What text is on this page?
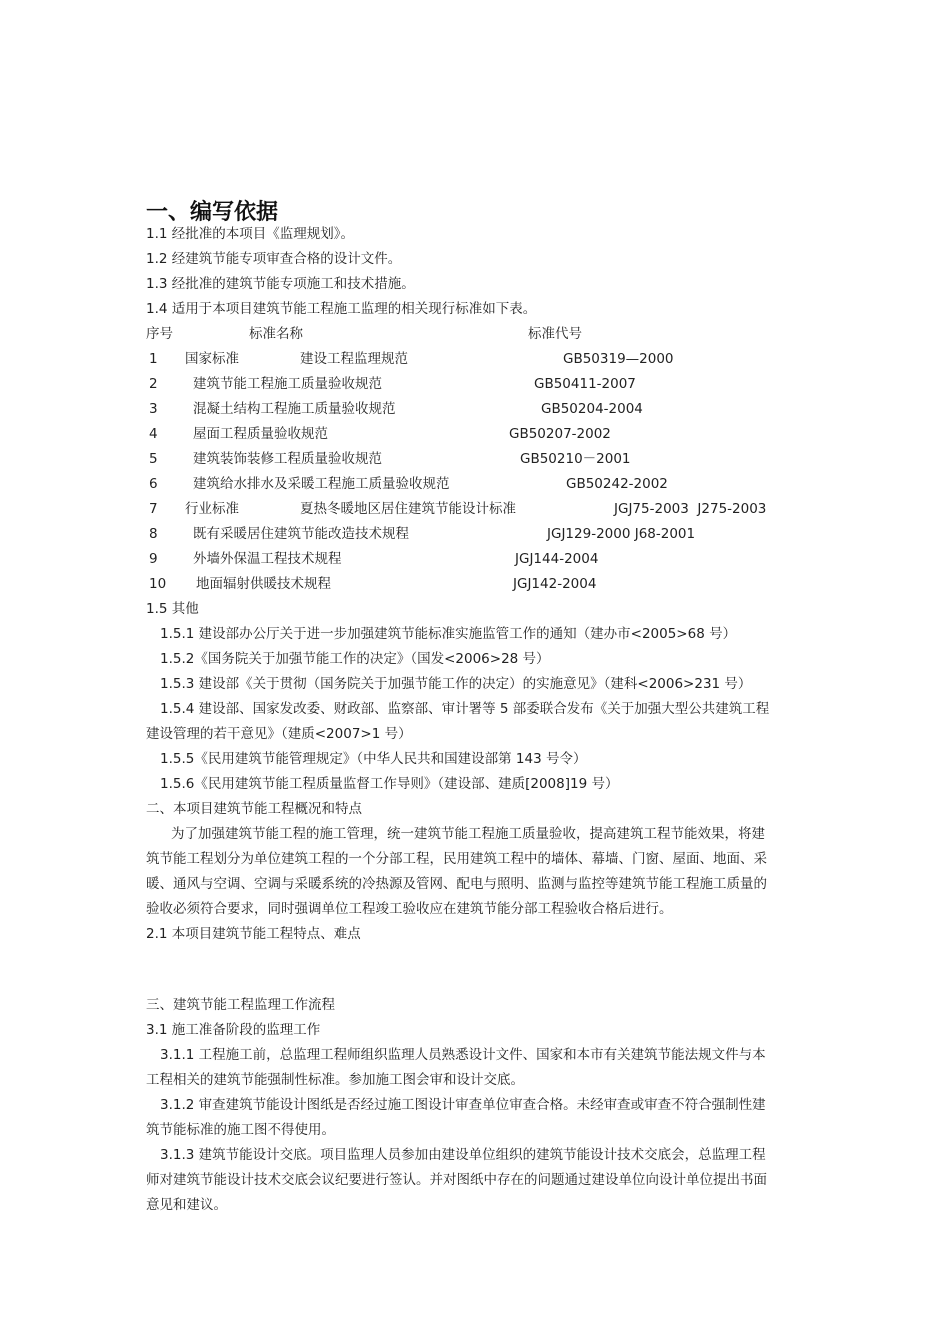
一、编写依据
1.1 经批准的本项目《监理规划》。
1.2 经建筑节能专项审查合格的设计文件。
1.3 经批准的建筑节能专项施工和技术措施。
1.4 适用于本项目建筑节能工程施工监理的相关现行标准如下表。
序号	标准名称	标准代号
1 国家标准	建设工程监理规范	GB50319—2000
2	建筑节能工程施工质量验收规范	GB50411-2007
3	混凝土结构工程施工质量验收规范	GB50204-2004
4	屋面工程质量验收规范	GB50207-2002
5	建筑装饰装修工程质量验收规范	GB50210－2001
6	建筑给水排水及采暖工程施工质量验收规范	GB50242-2002
7 行业标准	夏热冬暖地区居住建筑节能设计标准	JGJ75-2003  J275-2003
8	既有采暖居住建筑节能改造技术规程	JGJ129-2000 J68-2001
9	外墙外保温工程技术规程	JGJ144-2004
10 地面辐射供暖技术规程	JGJ142-2004
1.5 其他
1.5.1 建设部办公厅关于进一步加强建筑节能标准实施监管工作的通知（建办市<2005>68 号）
1.5.2《国务院关于加强节能工作的决定》（国发<2006>28 号）
1.5.3 建设部《关于贯彻（国务院关于加强节能工作的决定）的实施意见》（建科<2006>231 号）
1.5.4 建设部、国家发改委、财政部、监察部、审计署等 5 部委联合发布《关于加强大型公共建筑工程
建设管理的若干意见》（建质<2007>1 号）
1.5.5《民用建筑节能管理规定》（中华人民共和国建设部第 143 号令）
1.5.6《民用建筑节能工程质量监督工作导则》（建设部、建质[2008]19 号）
二、本项目建筑节能工程概况和特点
为了加强建筑节能工程的施工管理，统一建筑节能工程施工质量验收，提高建筑工程节能效果，将建
筑节能工程划分为单位建筑工程的一个分部工程，民用建筑工程中的墙体、幕墙、门窗、屋面、地面、采
暖、通风与空调、空调与采暖系统的冷热源及管网、配电与照明、监测与监控等建筑节能工程施工质量的
验收必须符合要求，同时强调单位工程竣工验收应在建筑节能分部工程验收合格后进行。
2.1 本项目建筑节能工程特点、难点
三、建筑节能工程监理工作流程
3.1 施工准备阶段的监理工作
3.1.1 工程施工前，总监理工程师组织监理人员熟悉设计文件、国家和本市有关建筑节能法规文件与本
工程相关的建筑节能强制性标准。参加施工图会审和设计交底。
3.1.2 审查建筑节能设计图纸是否经过施工图设计审查单位审查合格。未经审查或审查不符合强制性建
筑节能标准的施工图不得使用。
3.1.3 建筑节能设计交底。项目监理人员参加由建设单位组织的建筑节能设计技术交底会，总监理工程
师对建筑节能设计技术交底会议纪要进行签认。并对图纸中存在的问题通过建设单位向设计单位提出书面
意见和建议。
